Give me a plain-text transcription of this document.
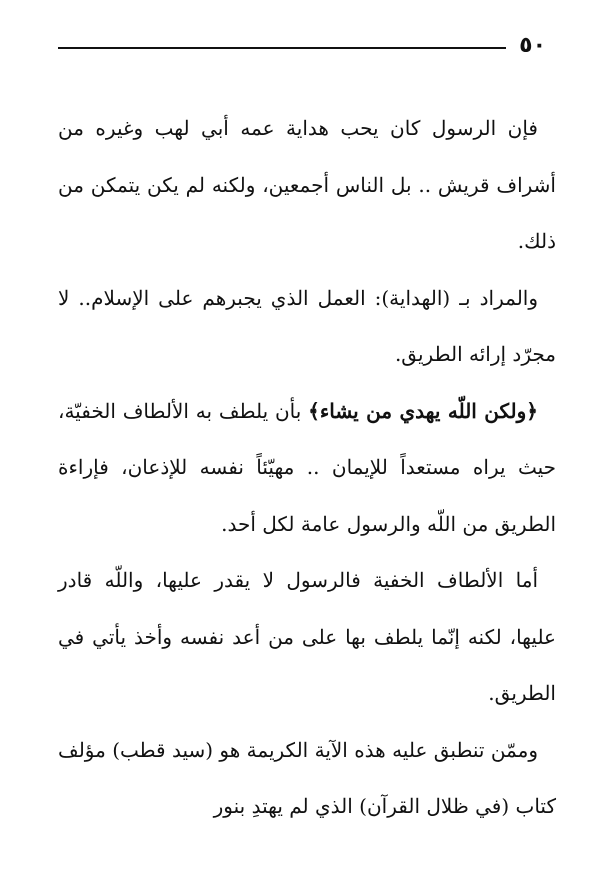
٥٠

فإن الرسول كان يحب هداية عمه أبي لهب وغيره من أشراف قريش .. بل الناس أجمعين، ولكنه لم يكن يتمكن من ذلك.

والمراد بـ (الهداية): العمل الذي يجبرهم على الإسلام.. لا مجرّد إرائه الطريق.

﴿ولكن اللّه يهدي من يشاء﴾ بأن يلطف به الألطاف الخفيّة، حيث يراه مستعداً للإيمان .. مهيّئاً نفسه للإذعان، فإراءة الطريق من اللّه والرسول عامة لكل أحد.

أما الألطاف الخفية فالرسول لا يقدر عليها، واللّه قادر عليها، لكنه إنّما يلطف بها على من أعد نفسه وأخذ يأتي في الطريق.

وممّن تنطبق عليه هذه الآية الكريمة هو (سيد قطب) مؤلف كتاب (في ظلال القرآن) الذي لم يهتدِ بنور
